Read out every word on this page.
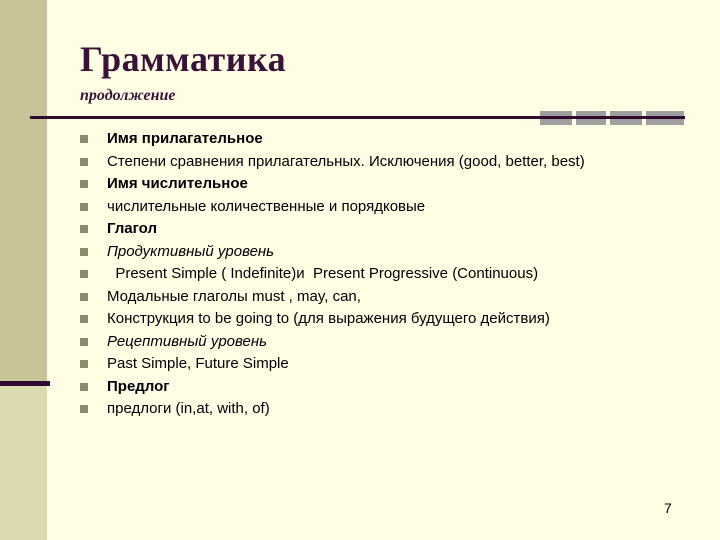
Грамматика

продолжение

Имя прилагательное
Степени сравнения прилагательных. Исключения (good, better, best)
Имя числительное
числительные количественные и порядковые
Глагол
Продуктивный уровень
Present Simple ( Indefinite)и  Present Progressive (Continuous)
Модальные глаголы must , may, can,
Конструкция to be going to (для выражения будущего действия)
Рецептивный уровень
Past Simple, Future Simple
Предлог
предлоги (in,at, with, of)
7
